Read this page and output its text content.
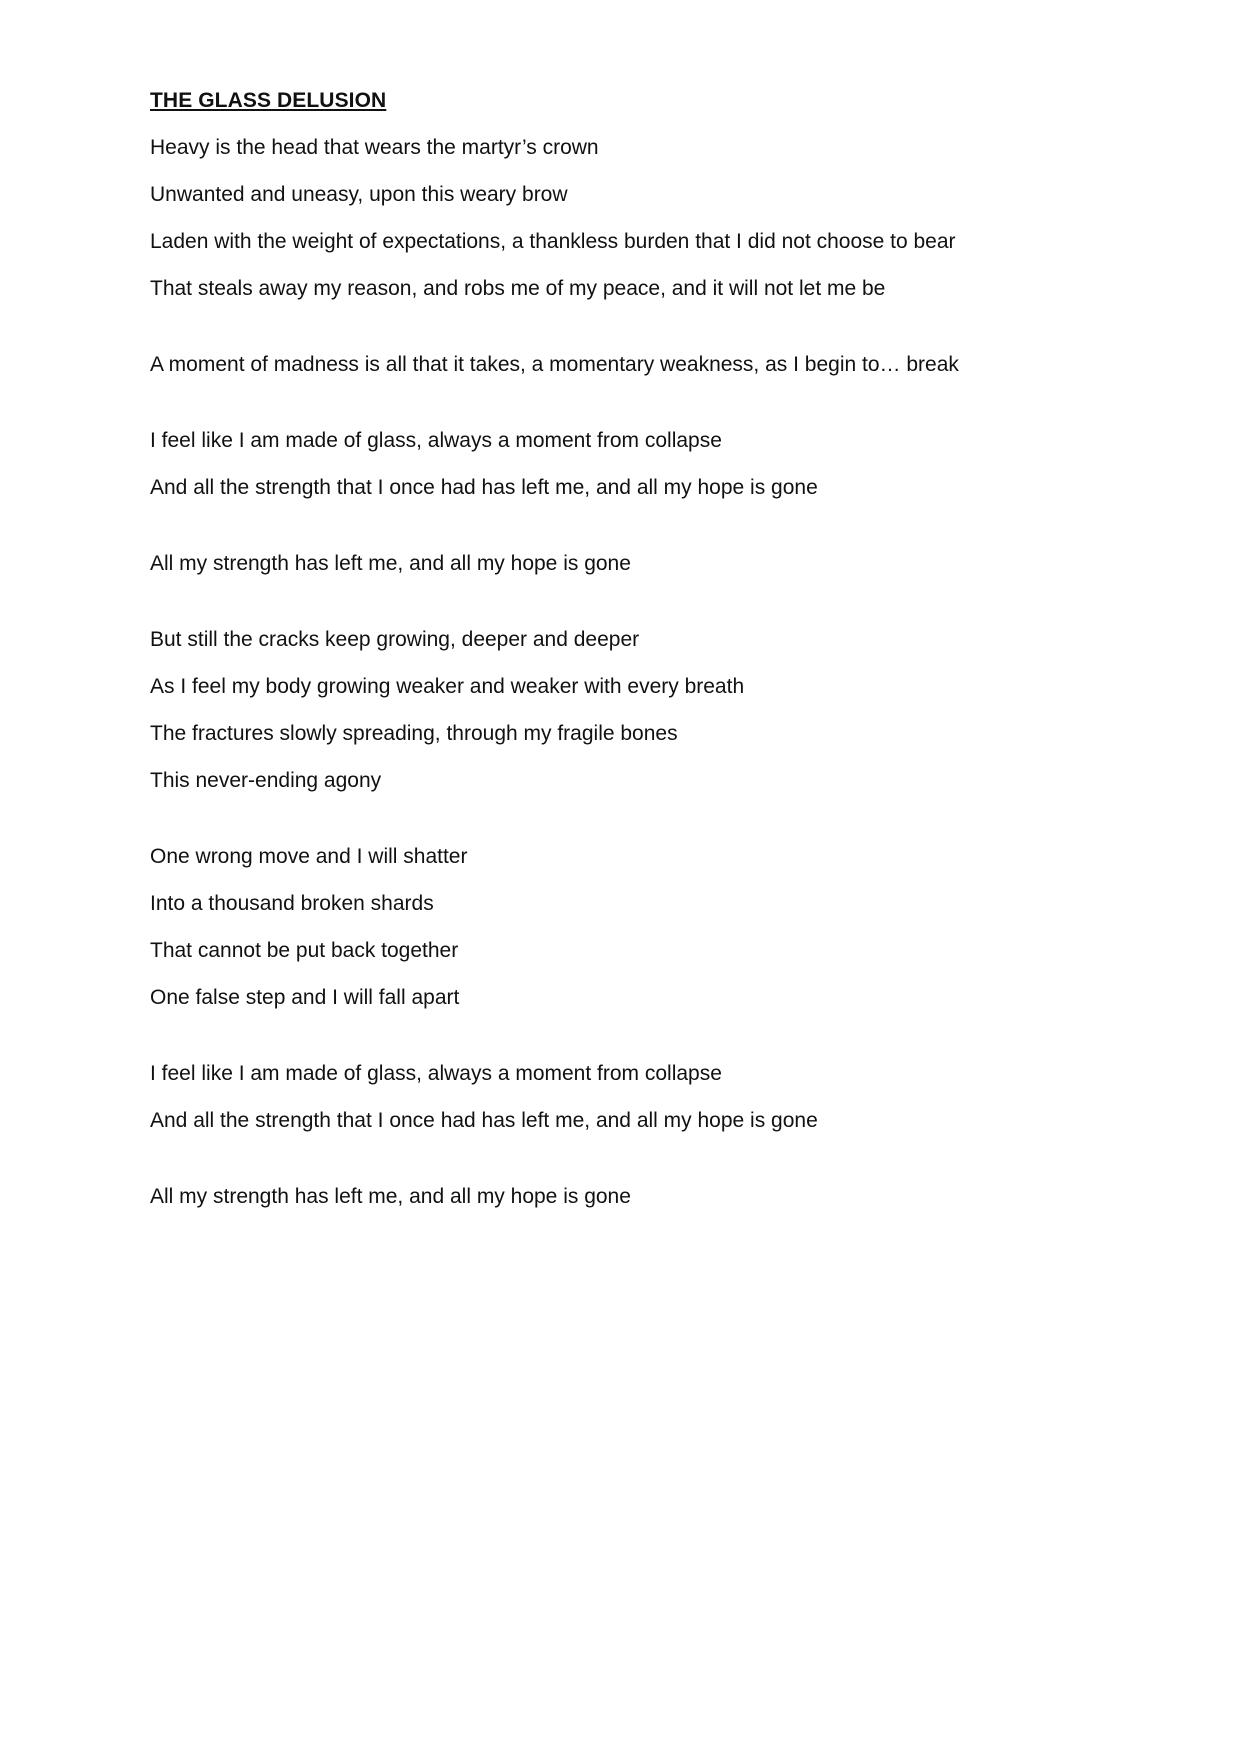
THE GLASS DELUSION
Heavy is the head that wears the martyr’s crown
Unwanted and uneasy, upon this weary brow
Laden with the weight of expectations, a thankless burden that I did not choose to bear
That steals away my reason, and robs me of my peace, and it will not let me be
A moment of madness is all that it takes, a momentary weakness, as I begin to… break
I feel like I am made of glass, always a moment from collapse
And all the strength that I once had has left me, and all my hope is gone
All my strength has left me, and all my hope is gone
But still the cracks keep growing, deeper and deeper
As I feel my body growing weaker and weaker with every breath
The fractures slowly spreading, through my fragile bones
This never-ending agony
One wrong move and I will shatter
Into a thousand broken shards
That cannot be put back together
One false step and I will fall apart
I feel like I am made of glass, always a moment from collapse
And all the strength that I once had has left me, and all my hope is gone
All my strength has left me, and all my hope is gone
